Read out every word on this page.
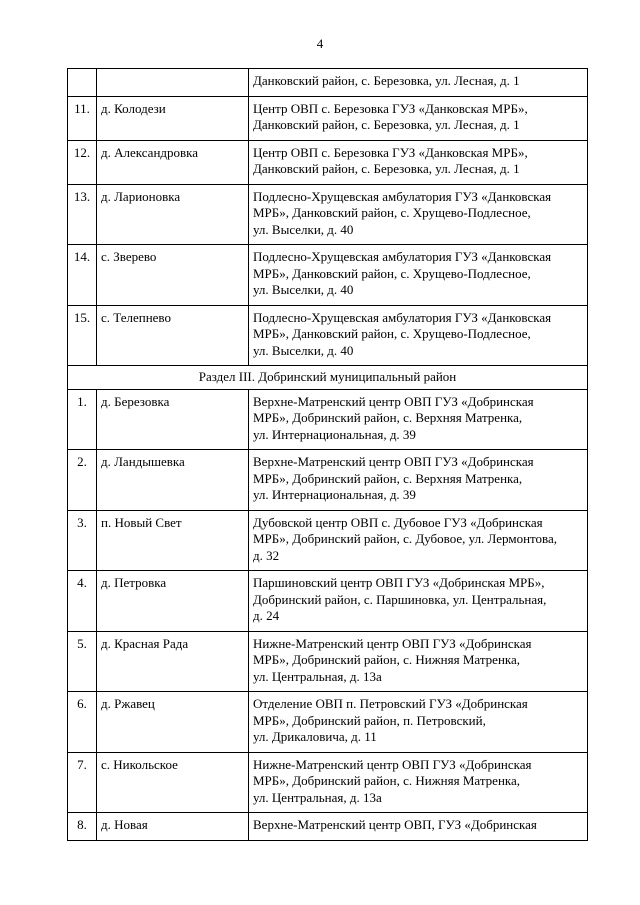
4

		Данковский район, с. Березовка, ул. Лесная, д. 1

11.	д. Колодези	Центр ОВП с. Березовка ГУЗ «Данковская МРБ»,
Данковский район, с. Березовка, ул. Лесная, д. 1

12.	д. Александровка	Центр ОВП с. Березовка ГУЗ «Данковская МРБ»,
Данковский район, с. Березовка, ул. Лесная, д. 1

13.	д. Ларионовка	Подлесно-Хрущевская амбулатория ГУЗ «Данковская
МРБ», Данковский район, с. Хрущево-Подлесное,
ул. Выселки, д. 40

14.	с. Зверево	Подлесно-Хрущевская амбулатория ГУЗ «Данковская
МРБ», Данковский район, с. Хрущево-Подлесное,
ул. Выселки, д. 40

15.	с. Телепнево	Подлесно-Хрущевская амбулатория ГУЗ «Данковская
МРБ», Данковский район, с. Хрущево-Подлесное,
ул. Выселки, д. 40

Раздел III. Добринский муниципальный район		
1.	д. Березовка	Верхне-Матренский центр ОВП ГУЗ «Добринская
МРБ», Добринский район, с. Верхняя Матренка,
ул. Интернациональная, д. 39

2.	д. Ландышевка	Верхне-Матренский центр ОВП ГУЗ «Добринская
МРБ», Добринский район, с. Верхняя Матренка,
ул. Интернациональная, д. 39

3.	п. Новый Свет	Дубовской центр ОВП с. Дубовое ГУЗ «Добринская
МРБ», Добринский район, с. Дубовое, ул. Лермонтова,
д. 32

4.	д. Петровка	Паршиновский центр ОВП ГУЗ «Добринская МРБ»,
Добринский район, с. Паршиновка, ул. Центральная,
д. 24

5.	д. Красная Рада	Нижне-Матренский центр ОВП ГУЗ «Добринская
МРБ», Добринский район, с. Нижняя Матренка,
ул. Центральная, д. 13а

6.	д. Ржавец	Отделение ОВП п. Петровский ГУЗ «Добринская
МРБ», Добринский район, п. Петровский,
ул. Дрикаловича, д. 11

7.	с. Никольское	Нижне-Матренский центр ОВП ГУЗ «Добринская
МРБ», Добринский район, с. Нижняя Матренка,
ул. Центральная, д. 13а

8.	д. Новая	Верхне-Матренский центр ОВП, ГУЗ «Добринская
